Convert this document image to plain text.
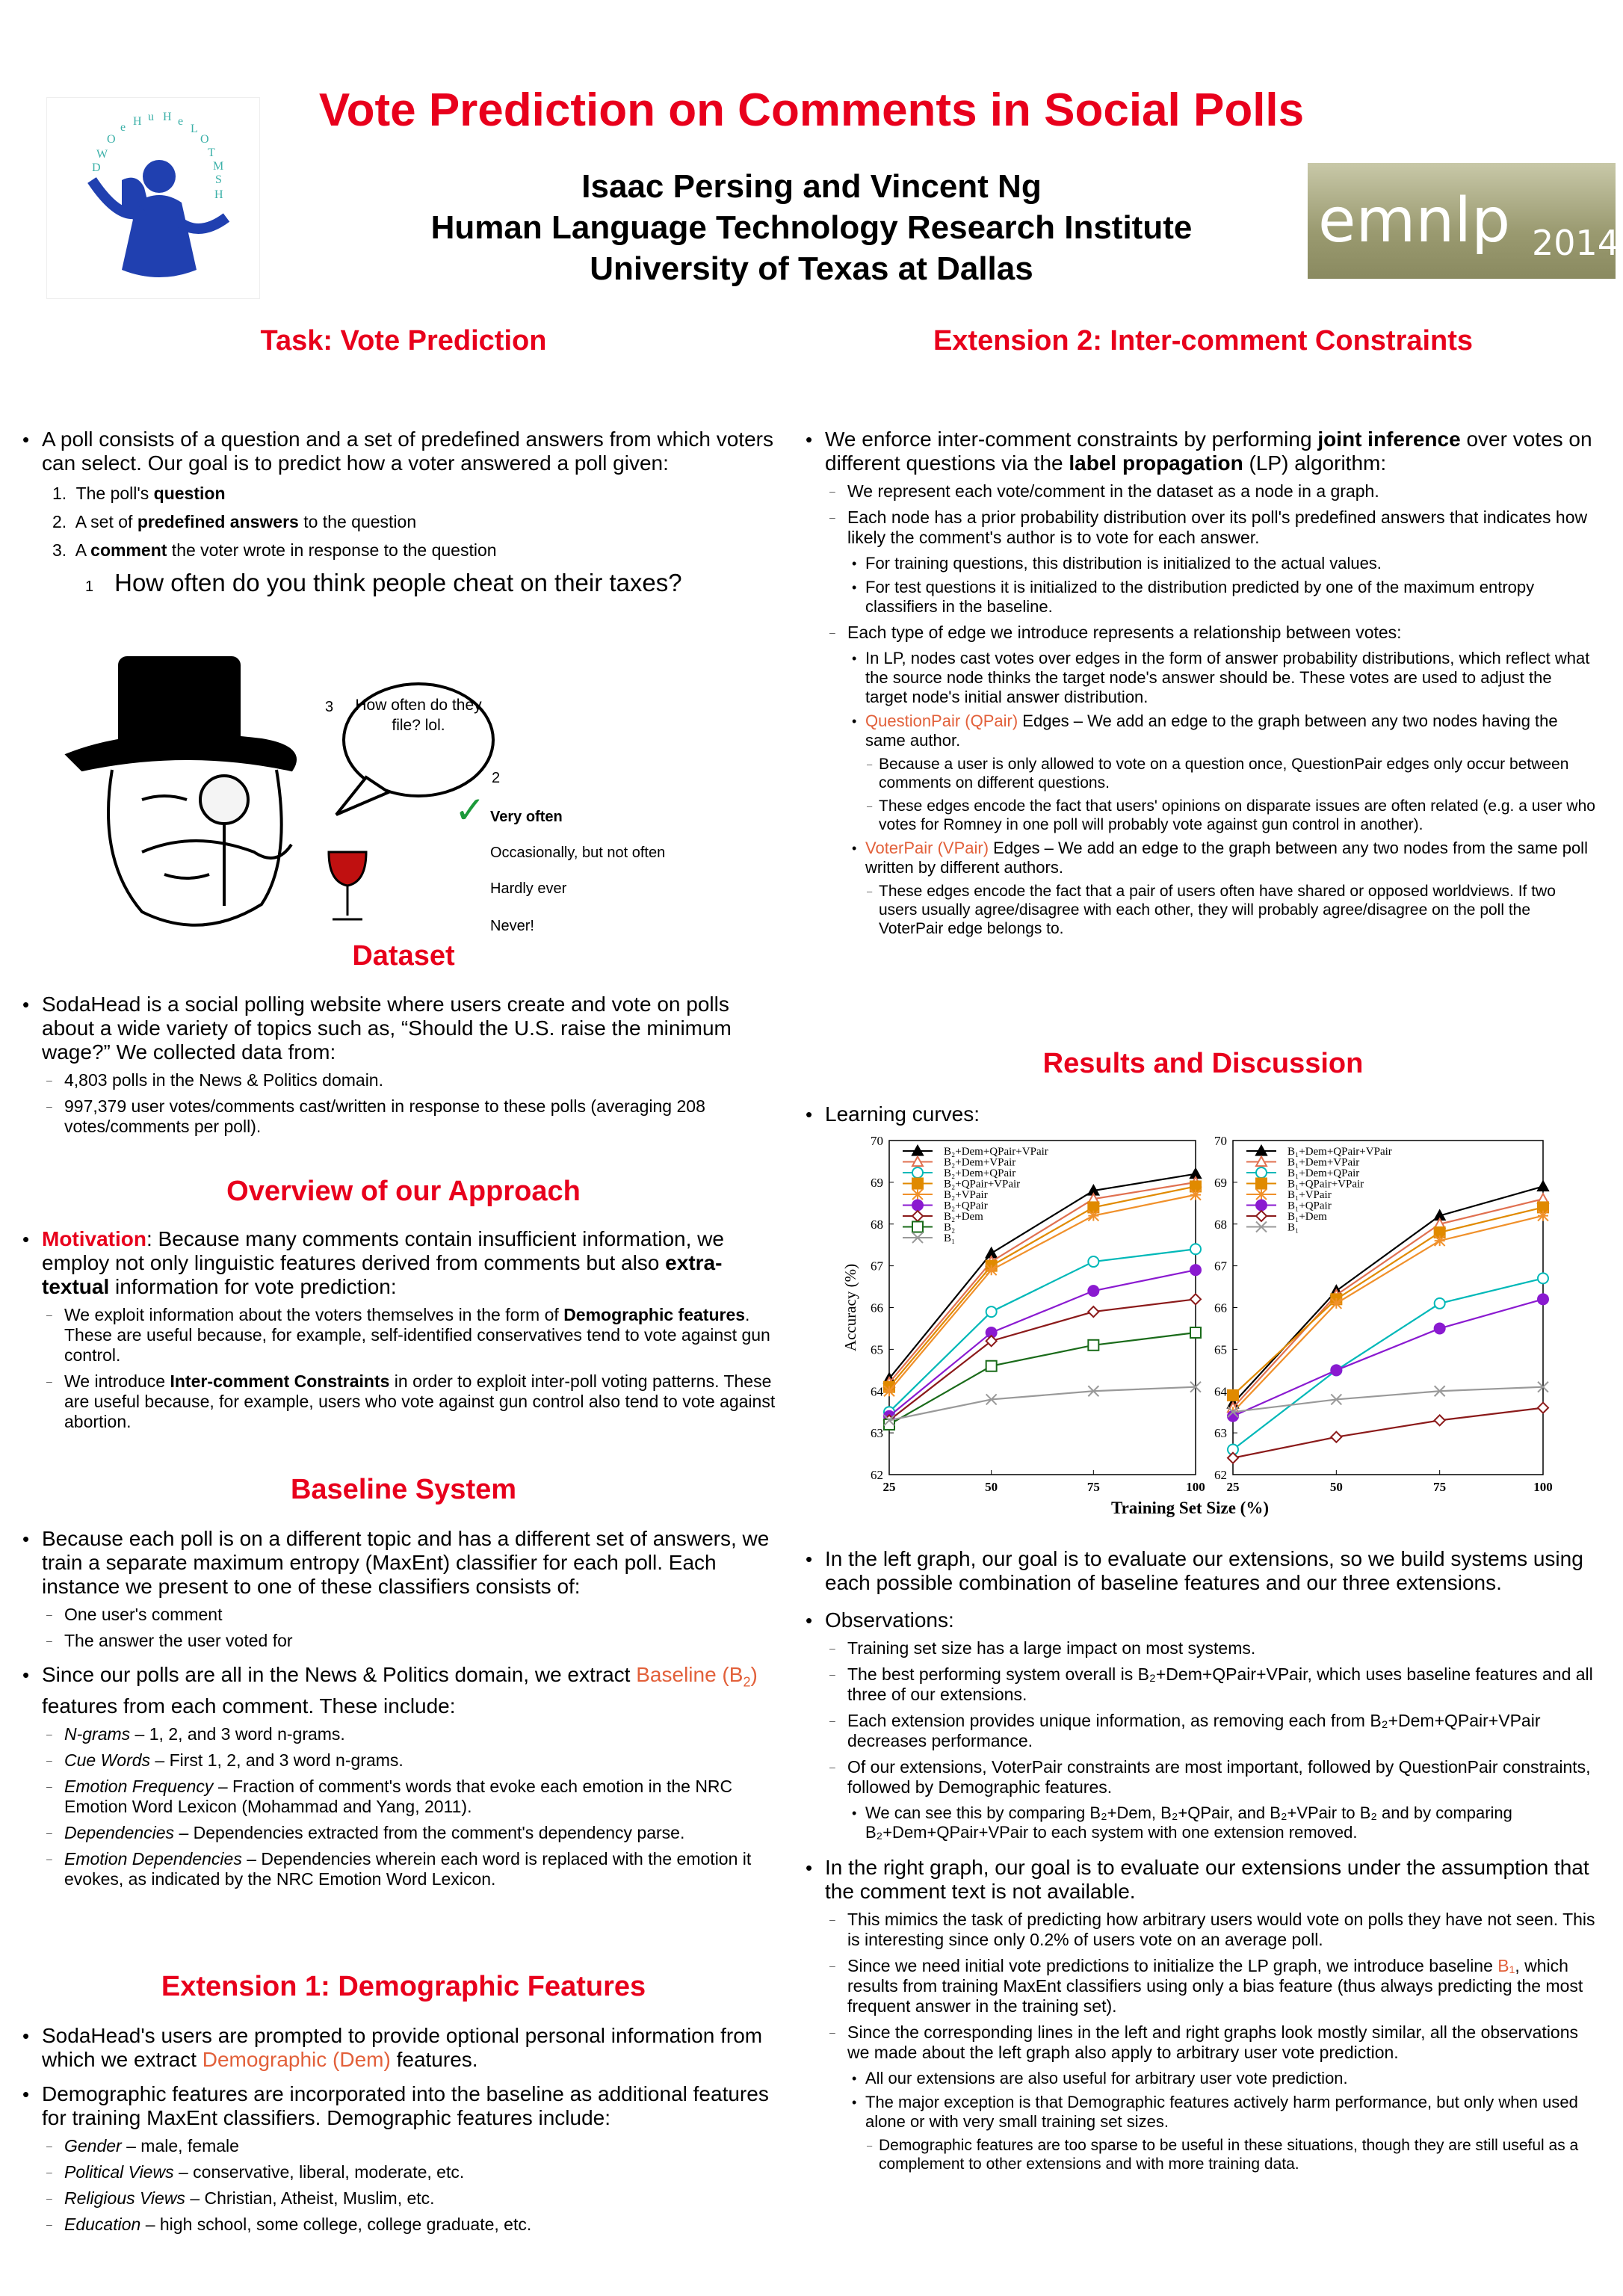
O
e H u H e
L
O
T
M
S
H
W
D
Vote Prediction on Comments in Social Polls
Isaac Persing and Vincent Ng
Human Language Technology Research Institute
University of Texas at Dallas
emnlp 2014
Task: Vote Prediction
• A poll consists of a question and a set of predefined answers from which voters can select. Our goal is to predict how a voter answered a poll given:
1. The poll's question
2. A set of predefined answers to the question
3. A comment the voter wrote in response to the question
1 How often do you think people cheat on their taxes?
How often do they file? lol.
3
2
✓ Very often
Occasionally, but not often
Hardly ever
Never!
Dataset
• SodaHead is a social polling website where users create and vote on polls about a wide variety of topics such as, “Should the U.S. raise the minimum wage?” We collected data from:
– 4,803 polls in the News & Politics domain.
– 997,379 user votes/comments cast/written in response to these polls (averaging 208 votes/comments per poll).
Overview of our Approach
• Motivation: Because many comments contain insufficient information, we employ not only linguistic features derived from comments but also extra-textual information for vote prediction:
– We exploit information about the voters themselves in the form of Demographic features. These are useful because, for example, self-identified conservatives tend to vote against gun control.
– We introduce Inter-comment Constraints in order to exploit inter-poll voting patterns. These are useful because, for example, users who vote against gun control also tend to vote against abortion.
Baseline System
• Because each poll is on a different topic and has a different set of answers, we train a separate maximum entropy (MaxEnt) classifier for each poll. Each instance we present to one of these classifiers consists of:
– One user's comment
– The answer the user voted for
• Since our polls are all in the News & Politics domain, we extract Baseline $(B_2)$ features from each comment. These include:
– N-grams – 1, 2, and 3 word n-grams.
– Cue Words – First 1, 2, and 3 word n-grams.
– Emotion Frequency – Fraction of comment's words that evoke each emotion in the NRC Emotion Word Lexicon (Mohammad and Yang, 2011).
– Dependencies – Dependencies extracted from the comment's dependency parse.
– Emotion Dependencies – Dependencies wherein each word is replaced with the emotion it evokes, as indicated by the NRC Emotion Word Lexicon.
Extension 1: Demographic Features
• SodaHead's users are prompted to provide optional personal information from which we extract Demographic (Dem) features.
• Demographic features are incorporated into the baseline as additional features for training MaxEnt classifiers. Demographic features include:
– Gender – male, female
– Political Views – conservative, liberal, moderate, etc.
– Religious Views – Christian, Atheist, Muslim, etc.
– Education – high school, some college, college graduate, etc.
Extension 2: Inter-comment Constraints
• We enforce inter-comment constraints by performing joint inference over votes on different questions via the label propagation (LP) algorithm:
– We represent each vote/comment in the dataset as a node in a graph.
– Each node has a prior probability distribution over its poll's predefined answers that indicates how likely the comment's author is to vote for each answer.
• For training questions, this distribution is initialized to the actual values.
• For test questions it is initialized to the distribution predicted by one of the maximum entropy classifiers in the baseline.
– Each type of edge we introduce represents a relationship between votes:
• In LP, nodes cast votes over edges in the form of answer probability distributions, which reflect what the source node thinks the target node's answer should be. These votes are used to adjust the target node's initial answer distribution.
• QuestionPair (QPair) Edges – We add an edge to the graph between any two nodes having the same author.
– Because a user is only allowed to vote on a question once, QuestionPair edges only occur between comments on different questions.
– These edges encode the fact that users' opinions on disparate issues are often related (e.g. a user who votes for Romney in one poll will probably vote against gun control in another).
• VoterPair (VPair) Edges – We add an edge to the graph between any two nodes from the same poll written by different authors.
– These edges encode the fact that a pair of users often have shared or opposed worldviews. If two users usually agree/disagree with each other, they will probably agree/disagree on the poll the VoterPair edge belongs to.
Results and Discussion
• Learning curves:
62
63
64
65
66
67
68
69
70
25	50	75	100
Accuracy (%)
B₂+Dem+QPair+VPair
B₂+Dem+VPair
B₂+Dem+QPair
B₂+QPair+VPair
B₂+VPair
B₂+QPair
B₂+Dem
B₂
B₁
62
63
64
65
66
67
68
69
70
25	50	75	100
B₁+Dem+QPair+VPair
B₁+Dem+VPair
B₁+Dem+QPair
B₁+QPair+VPair
B₁+VPair
B₁+QPair
B₁+Dem
B₁
Training Set Size (%)
• In the left graph, our goal is to evaluate our extensions, so we build systems using each possible combination of baseline features and our three extensions.
• Observations:
– Training set size has a large impact on most systems.
– The best performing system overall is B₂+Dem+QPair+VPair, which uses baseline features and all three of our extensions.
– Each extension provides unique information, as removing each from B₂+Dem+QPair+VPair decreases performance.
– Of our extensions, VoterPair constraints are most important, followed by QuestionPair constraints, followed by Demographic features.
• We can see this by comparing B₂+Dem, B₂+QPair, and B₂+VPair to B₂ and by comparing B₂+Dem+QPair+VPair to each system with one extension removed.
• In the right graph, our goal is to evaluate our extensions under the assumption that the comment text is not available.
– This mimics the task of predicting how arbitrary users would vote on polls they have not seen. This is interesting since only 0.2% of users vote on an average poll.
– Since we need initial vote predictions to initialize the LP graph, we introduce baseline B₁, which results from training MaxEnt classifiers using only a bias feature (thus always predicting the most frequent answer in the training set).
– Since the corresponding lines in the left and right graphs look mostly similar, all the observations we made about the left graph also apply to arbitrary user vote prediction.
• All our extensions are also useful for arbitrary user vote prediction.
• The major exception is that Demographic features actively harm performance, but only when used alone or with very small training set sizes.
– Demographic features are too sparse to be useful in these situations, though they are still useful as a complement to other extensions and with more training data.
